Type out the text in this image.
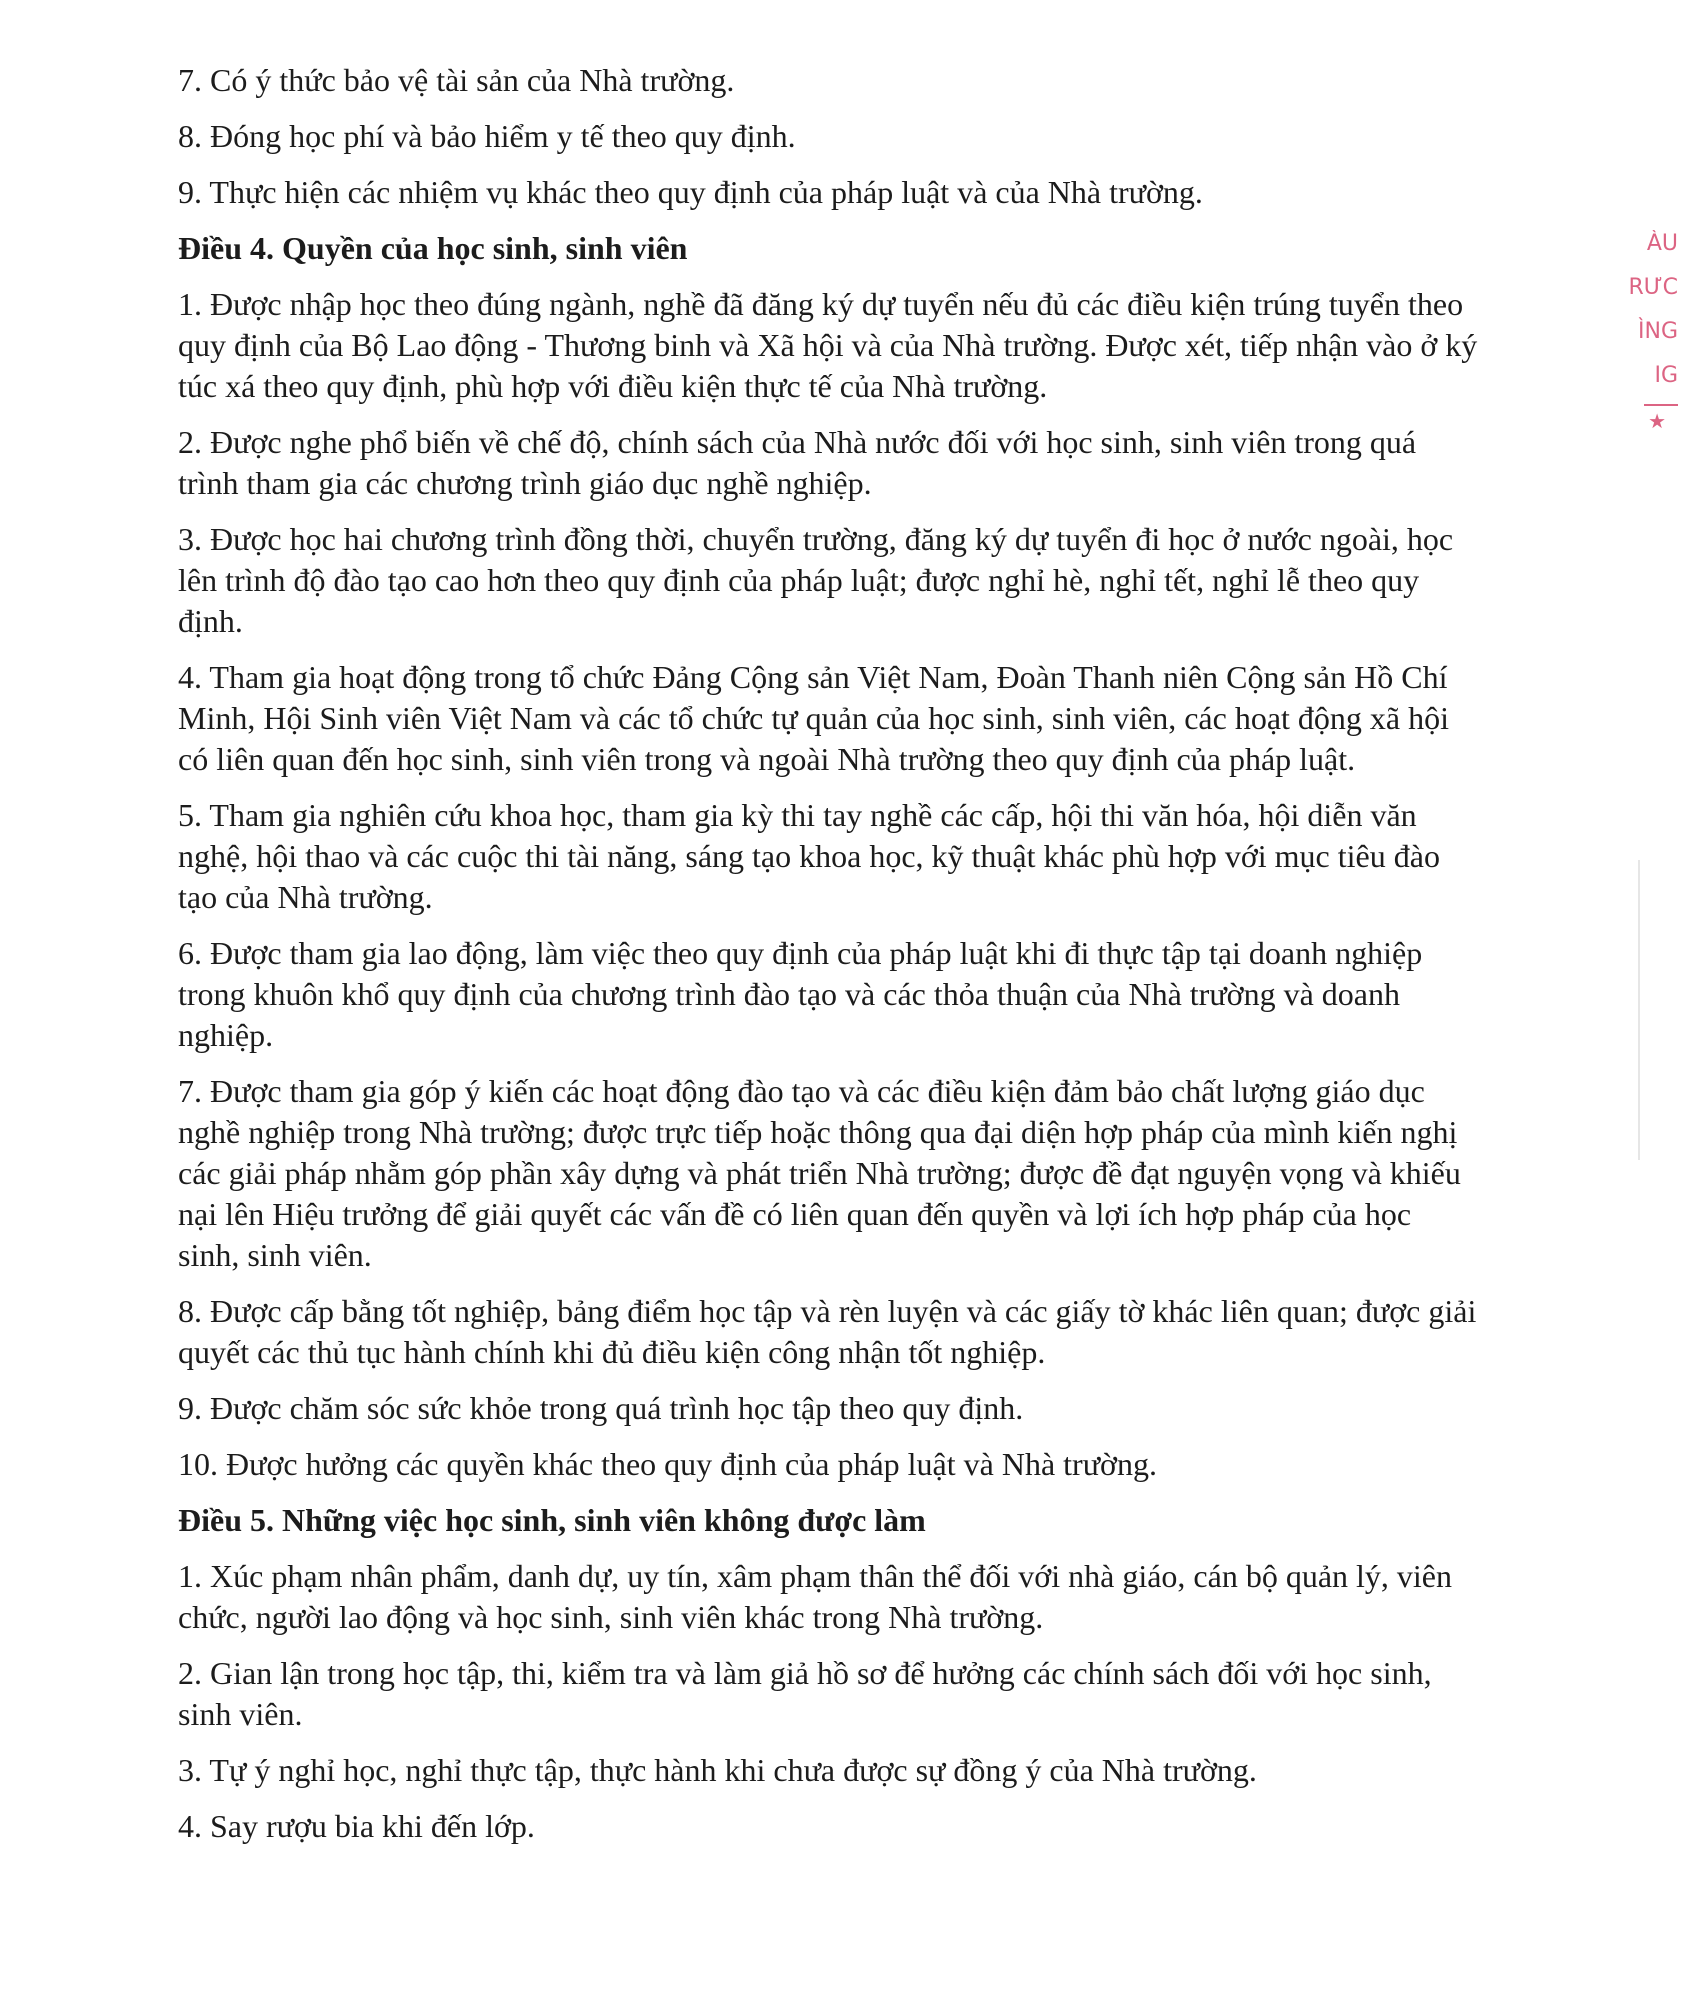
7. Có ý thức bảo vệ tài sản của Nhà trường.

8. Đóng học phí và bảo hiểm y tế theo quy định.

9. Thực hiện các nhiệm vụ khác theo quy định của pháp luật và của Nhà trường.

Điều 4. Quyền của học sinh, sinh viên

1. Được nhập học theo đúng ngành, nghề đã đăng ký dự tuyển nếu đủ các điều kiện trúng tuyển theo quy định của Bộ Lao động - Thương binh và Xã hội và của Nhà trường. Được xét, tiếp nhận vào ở ký túc xá theo quy định, phù hợp với điều kiện thực tế của Nhà trường.

2. Được nghe phổ biến về chế độ, chính sách của Nhà nước đối với học sinh, sinh viên trong quá trình tham gia các chương trình giáo dục nghề nghiệp.

3. Được học hai chương trình đồng thời, chuyển trường, đăng ký dự tuyển đi học ở nước ngoài, học lên trình độ đào tạo cao hơn theo quy định của pháp luật; được nghỉ hè, nghỉ tết, nghỉ lễ theo quy định.

4. Tham gia hoạt động trong tổ chức Đảng Cộng sản Việt Nam, Đoàn Thanh niên Cộng sản Hồ Chí Minh, Hội Sinh viên Việt Nam và các tổ chức tự quản của học sinh, sinh viên, các hoạt động xã hội có liên quan đến học sinh, sinh viên trong và ngoài Nhà trường theo quy định của pháp luật.

5. Tham gia nghiên cứu khoa học, tham gia kỳ thi tay nghề các cấp, hội thi văn hóa, hội diễn văn nghệ, hội thao và các cuộc thi tài năng, sáng tạo khoa học, kỹ thuật khác phù hợp với mục tiêu đào tạo của Nhà trường.

6. Được tham gia lao động, làm việc theo quy định của pháp luật khi đi thực tập tại doanh nghiệp trong khuôn khổ quy định của chương trình đào tạo và các thỏa thuận của Nhà trường và doanh nghiệp.

7. Được tham gia góp ý kiến các hoạt động đào tạo và các điều kiện đảm bảo chất lượng giáo dục nghề nghiệp trong Nhà trường; được trực tiếp hoặc thông qua đại diện hợp pháp của mình kiến nghị các giải pháp nhằm góp phần xây dựng và phát triển Nhà trường; được đề đạt nguyện vọng và khiếu nại lên Hiệu trưởng để giải quyết các vấn đề có liên quan đến quyền và lợi ích hợp pháp của học sinh, sinh viên.

8. Được cấp bằng tốt nghiệp, bảng điểm học tập và rèn luyện và các giấy tờ khác liên quan; được giải quyết các thủ tục hành chính khi đủ điều kiện công nhận tốt nghiệp.

9. Được chăm sóc sức khỏe trong quá trình học tập theo quy định.

10. Được hưởng các quyền khác theo quy định của pháp luật và Nhà trường.

Điều 5. Những việc học sinh, sinh viên không được làm

1. Xúc phạm nhân phẩm, danh dự, uy tín, xâm phạm thân thể đối với nhà giáo, cán bộ quản lý, viên chức, người lao động và học sinh, sinh viên khác trong Nhà trường.

2. Gian lận trong học tập, thi, kiểm tra và làm giả hồ sơ để hưởng các chính sách đối với học sinh, sinh viên.

3. Tự ý nghỉ học, nghỉ thực tập, thực hành khi chưa được sự đồng ý của Nhà trường.

4. Say rượu bia khi đến lớp.

ÀU
RƯC
ÌNG
IG
★
